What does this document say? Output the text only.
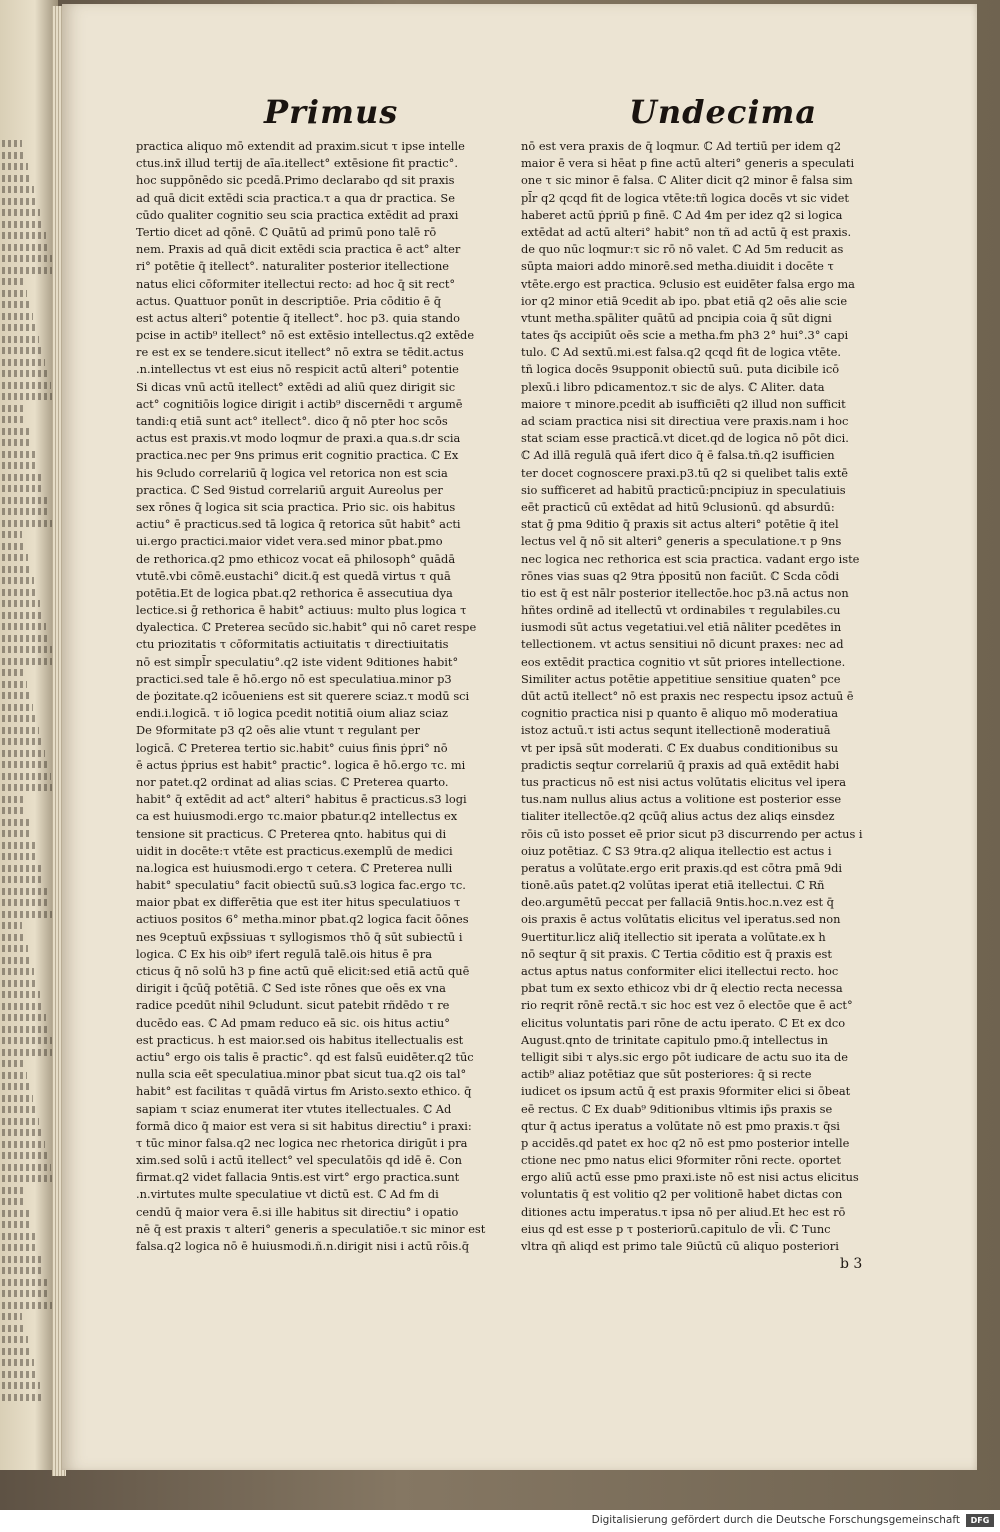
Primus	Undecima
practica aliquo mō extendit ad praxim.sicut τ ipse intelle
ctus.inx̄ illud tertij de aīa.itellect° extēsione fit practic°.
hoc suppōnēdo sic pcedā.Primo declarabo qd sit praxis
ad quā dicit extēdi scia practica.τ a qua dr practica. Se
cūdo qualiter cognitio seu scia practica extēdit ad praxi
Tertio dicet ad qōnē. ℂ Quātū ad primū pono talē rō
nem. Praxis ad quā dicit extēdi scia practica ē act° alter
ri° potētie q̄ itellect°. naturaliter posterior itellectione
natus elici cōformiter itellectui recto: ad hoc q̄ sit rect°
actus. Quattuor ponūt in descriptiōe. Pria cōditio ē q̄
est actus alteri° potentie q̄ itellect°. hoc p3. quia stando
pcise in actib⁹ itellect° nō est extēsio intellectus.q2 extēde
re est ex se tendere.sicut itellect° nō extra se tēdit.actus
.n.intellectus vt est eius nō respicit actū alteri° potentie
Si dicas vnū actū itellect° extēdi ad aliū quez dirigit sic
act° cognitiōis logice dirigit i actib⁹ discernēdi τ argumē
tandi:q etiā sunt act° itellect°. dico q̄ nō pter hoc scōs
actus est praxis.vt modo loqmur de praxi.a qua.s.dr scia
practica.nec per 9ns primus erit cognitio practica. ℂ Ex
his 9cludo correlariū q̄ logica vel retorica non est scia
practica. ℂ Sed 9istud correlariū arguit Aureolus per
sex rōnes q̄ logica sit scia practica. Prio sic. ois habitus
actiu° ē practicus.sed tā logica q̄ retorica sūt habit° acti
ui.ergo practici.maior videt vera.sed minor pbat.pmo
de rethorica.q2 pmo ethicoz vocat eā philosoph° quādā
vtutē.vbi cōmē.eustachi° dicit.q̄ est quedā virtus τ quā
potētia.Et de logica pbat.q2 rethorica ē assecutiua dya
lectice.si ḡ rethorica ē habit° actiuus: multo plus logica τ
dyalectica. ℂ Preterea secūdo sic.habit° qui nō caret respe
ctu priozitatis τ cōformitatis actiuitatis τ directiuitatis
nō est simpl̄r speculatiu°.q2 iste vident 9ditiones habit°
practici.sed tale ē hō.ergo nō est speculatiua.minor p3
de ṗozitate.q2 icōueniens est sit querere sciaz.τ modū sci
endi.i.logicā. τ iō logica pcedit notitiā oium aliaz sciaz
De 9formitate p3 q2 oēs alie vtunt τ regulant per
logicā. ℂ Preterea tertio sic.habit° cuius finis ṗpri° nō
ē actus ṗprius est habit° practic°. logica ē hō.ergo τc. mi
nor patet.q2 ordinat ad alias scias. ℂ Preterea quarto.
habit° q̄ extēdit ad act° alteri° habitus ē practicus.s3 logi
ca est huiusmodi.ergo τc.maior pbatur.q2 intellectus ex
tensione sit practicus. ℂ Preterea qnto. habitus qui di
uidit in docēte:τ vtēte est practicus.exemplū de medici
na.logica est huiusmodi.ergo τ cetera. ℂ Preterea nulli
habit° speculatiu° facit obiectū suū.s3 logica fac.ergo τc.
maior pbat ex differētia que est iter hitus speculatiuos τ
actiuos positos 6° metha.minor pbat.q2 logica facit ōōnes
nes 9ceptuū exp̄ssiuas τ syllogismos τhō q̄ sūt subiectū i
logica. ℂ Ex his oib⁹ ifert regulā talē.ois hitus ē pra
cticus q̄ nō solū h3 p fine actū quē elicit:sed etiā actū quē
dirigit i q̄cūq̄ potētiā. ℂ Sed iste rōnes que oēs ex vna
radice pcedūt nihil 9cludunt. sicut patebit rñdēdo τ re
ducēdo eas. ℂ Ad pmam reduco eā sic. ois hitus actiu°
est practicus. h est maior.sed ois habitus itellectualis est
actiu° ergo ois talis ē practic°. qd est falsū euidēter.q2 tūc
nulla scia eēt speculatiua.minor pbat sicut tua.q2 ois tal°
habit° est facilitas τ quādā virtus fm Aristo.sexto ethico. q̄
sapiam τ sciaz enumerat iter vtutes itellectuales. ℂ Ad
formā dico q̄ maior est vera si sit habitus directiu° i praxi:
τ tūc minor falsa.q2 nec logica nec rhetorica dirigūt i pra
xim.sed solū i actū itellect° vel speculatōis qd idē ē. Con
firmat.q2 videt fallacia 9ntis.est virt° ergo practica.sunt
.n.virtutes multe speculatiue vt dictū est. ℂ Ad fm di
cendū q̄ maior vera ē.si ille habitus sit directiu° i opatio
nē q̄ est praxis τ alteri° generis a speculatiōe.τ sic minor est
falsa.q2 logica nō ē huiusmodi.ñ.n.dirigit nisi i actū rōis.q̄
nō est vera praxis de q̄ loqmur. ℂ Ad tertiū per idem q2
maior ē vera si hēat p fine actū alteri° generis a speculati
one τ sic minor ē falsa. ℂ Aliter dicit q2 minor ē falsa sim
pl̄r q2 qcqd fit de logica vtēte:tñ logica docēs vt sic videt
haberet actū ṗpriū p finē. ℂ Ad 4m per idez q2 si logica
extēdat ad actū alteri° habit° non tñ ad actū q̄ est praxis.
de quo nūc loqmur:τ sic rō nō valet. ℂ Ad 5m reducit as
sūpta maiori addo minorē.sed metha.diuidit i docēte τ
vtēte.ergo est practica. 9clusio est euidēter falsa ergo ma
ior q2 minor etiā 9cedit ab ipo. pbat etiā q2 oēs alie scie
vtunt metha.spāliter quātū ad pncipia coia q̄ sūt digni
tates q̄s accipiūt oēs scie a metha.fm ph3 2° hui°.3° capi
tulo. ℂ Ad sextū.mi.est falsa.q2 qcqd fit de logica vtēte.
tñ logica docēs 9supponit obiectū suū. puta dicibile icō
plexū.i libro pdicamentoz.τ sic de alys. ℂ Aliter. data
maiore τ minore.pcedit ab isufficiēti q2 illud non sufficit
ad sciam practica nisi sit directiua vere praxis.nam i hoc
stat sciam esse practicā.vt dicet.qd de logica nō pōt dici.
ℂ Ad illā regulā quā ifert dico q̄ ē falsa.tñ.q2 isufficien
ter docet cognoscere praxi.p3.tū q2 si quelibet talis extē
sio sufficeret ad habitū practicū:pncipiuz in speculatiuis
eēt practicū cū extēdat ad hitū 9clusionū. qd absurdū:
stat ḡ pma 9ditio q̄ praxis sit actus alteri° potētie q̄ itel
lectus vel q̄ nō sit alteri° generis a speculatione.τ p 9ns
nec logica nec rethorica est scia practica. vadant ergo iste
rōnes vias suas q2 9tra ṗpositū non faciūt. ℂ Scda cōdi
tio est q̄ est nālr posterior itellectōe.hoc p3.nā actus non
hñtes ordinē ad itellectū vt ordinabiles τ regulabiles.cu
iusmodi sūt actus vegetatiui.vel etiā nāliter pcedētes in
tellectionem. vt actus sensitiui nō dicunt praxes: nec ad
eos extēdit practica cognitio vt sūt priores intellectione.
Similiter actus potētie appetitiue sensitiue quaten° pce
dūt actū itellect° nō est praxis nec respectu ipsoz actuū ē
cognitio practica nisi p quanto ē aliquo mō moderatiua
istoz actuū.τ isti actus sequnt itellectionē moderatiuā
vt per ipsā sūt moderati. ℂ Ex duabus conditionibus su
pradictis seqtur correlariū q̄ praxis ad quā extēdit habi
tus practicus nō est nisi actus volūtatis elicitus vel ipera
tus.nam nullus alius actus a volitione est posterior esse
tialiter itellectōe.q2 qcūq̄ alius actus dez aliqs einsdez
rōis cū isto posset eē prior sicut p3 discurrendo per actus i
oiuz potētiaz. ℂ S3 9tra.q2 aliqua itellectio est actus i
peratus a volūtate.ergo erit praxis.qd est cōtra pmā 9di
tionē.aūs patet.q2 volūtas iperat etiā itellectui. ℂ Rñ
deo.argumētū peccat per fallaciā 9ntis.hoc.n.vez est q̄
ois praxis ē actus volūtatis elicitus vel iperatus.sed non
9uertitur.licz aliq̄ itellectio sit iperata a volūtate.ex h
nō seqtur q̄ sit praxis. ℂ Tertia cōditio est q̄ praxis est
actus aptus natus conformiter elici itellectui recto. hoc
pbat tum ex sexto ethicoz vbi dr q̄ electio recta necessa
rio reqrit rōnē rectā.τ sic hoc est vez ō electōe que ē act°
elicitus voluntatis pari rōne de actu iperato. ℂ Et ex dco
August.qnto de trinitate capitulo pmo.q̄ intellectus in
telligit sibi τ alys.sic ergo pōt iudicare de actu suo ita de
actib⁹ aliaz potētiaz que sūt posteriores: q̄ si recte
iudicet os ipsum actū q̄ est praxis 9formiter elici si ōbeat
eē rectus. ℂ Ex duab⁹ 9ditionibus vltimis ip̄s praxis se
qtur q̄ actus iperatus a volūtate nō est pmo praxis.τ q̄si
p accidēs.qd patet ex hoc q2 nō est pmo posterior intelle
ctione nec pmo natus elici 9formiter rōni recte. oportet
ergo aliū actū esse pmo praxi.iste nō est nisi actus elicitus
voluntatis q̄ est volitio q2 per volitionē habet dictas con
ditiones actu imperatus.τ ipsa nō per aliud.Et hec est rō
eius qd est esse p τ posteriorū.capitulo de vl̄i. ℂ Tunc
vltra qñ aliqd est primo tale 9iūctū cū aliquo posteriori
b 3
Digitalisierung gefördert durch die Deutsche Forschungsgemeinschaft	DFG
